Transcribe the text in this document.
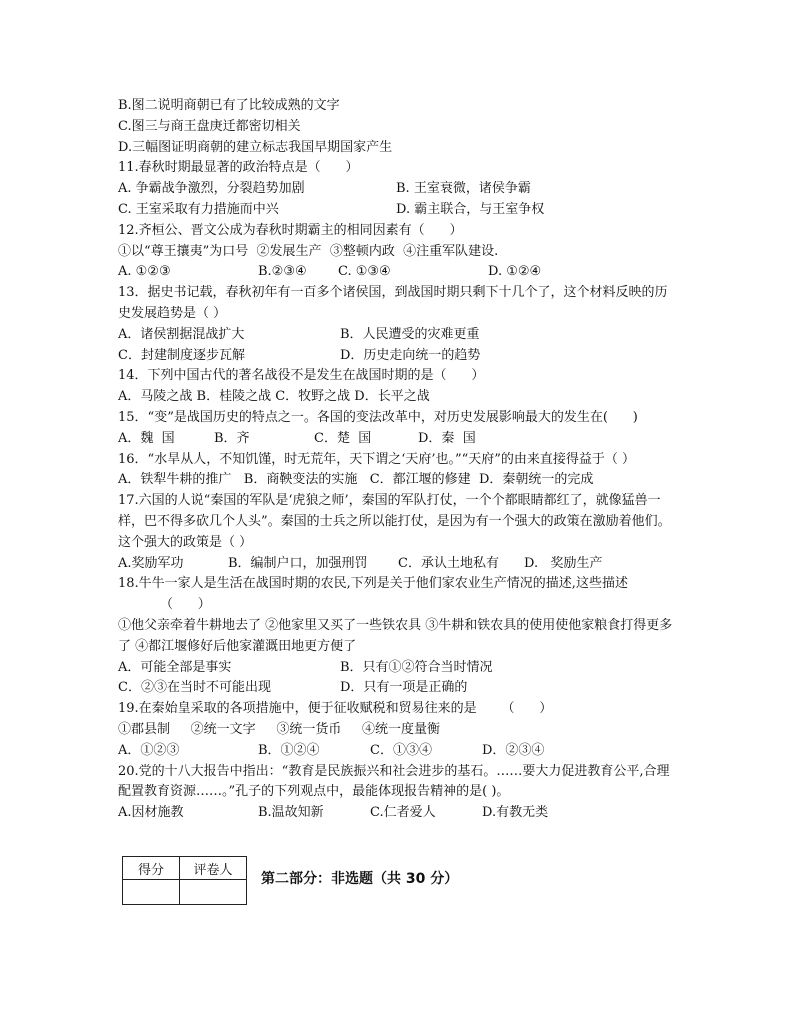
B.图二说明商朝已有了比较成熟的文字
C.图三与商王盘庚迁都密切相关
D.三幅图证明商朝的建立标志我国早期国家产生
11.春秋时期最显著的政治特点是（      ）
A. 争霸战争激烈，分裂趋势加剧	B. 王室衰微，诸侯争霸
C. 王室采取有力措施而中兴	D. 霸主联合，与王室争权
12.齐桓公、晋文公成为春秋时期霸主的相同因素有（      ）
①以“尊王攘夷”为口号  ②发展生产  ③整顿内政  ④注重军队建设.
A. ①②③	B.②③④	C. ①③④	D. ①②④
13．据史书记载，春秋初年有一百多个诸侯国，到战国时期只剩下十几个了，这个材料反映的历史发展趋势是（ ）
A．诸侯割据混战扩大	B．人民遭受的灾难更重
C．封建制度逐步瓦解	D．历史走向统一的趋势
14．下列中国古代的著名战役不是发生在战国时期的是（      ）
A．马陵之战 B．桂陵之战 C．牧野之战 D．长平之战
15．“变”是战国历史的特点之一。各国的变法改革中，对历史发展影响最大的发生在(      )
A．魏  国	B．齐	C．楚  国	D．秦  国
16．“水旱从人，不知饥馑，时无荒年，天下谓之‘天府’也。”“天府”的由来直接得益于（ ）
A．铁犁牛耕的推广   B．商鞅变法的实施   C．都江堰的修建  D．秦朝统一的完成
17.六国的人说“秦国的军队是‘虎狼之师’，秦国的军队打仗，一个个都眼睛都红了，就像猛兽一样，巴不得多砍几个人头”。秦国的士兵之所以能打仗，是因为有一个强大的政策在激励着他们。这个强大的政策是（ ）
A.奖励军功	B．编制户口，加强刑罚	C．承认土地私有	D.   奖励生产
18.牛牛一家人是生活在战国时期的农民,下列是关于他们家农业生产情况的描述,这些描述
（      ）
①他父亲牵着牛耕地去了 ②他家里又买了一些铁农具 ③牛耕和铁农具的使用使他家粮食打得更多了 ④都江堰修好后他家灌溉田地更方便了
A．可能全部是事实	B．只有①②符合当时情况
C．②③在当时不可能出现	D．只有一项是正确的
19.在秦始皇采取的各项措施中，便于征收赋税和贸易往来的是      （      ）
①郡县制     ②统一文字     ③统一货币     ④统一度量衡
A．①②③	B．①②④	C．①③④	D．②③④
20.党的十八大报告中指出：“教育是民族振兴和社会进步的基石。……要大力促进教育公平,合理配置教育资源……。”孔子的下列观点中，最能体现报告精神的是( )。
A.因材施教	B.温故知新	C.仁者爱人	D.有教无类
得分	评卷人

第二部分：非选题（共 30 分）
